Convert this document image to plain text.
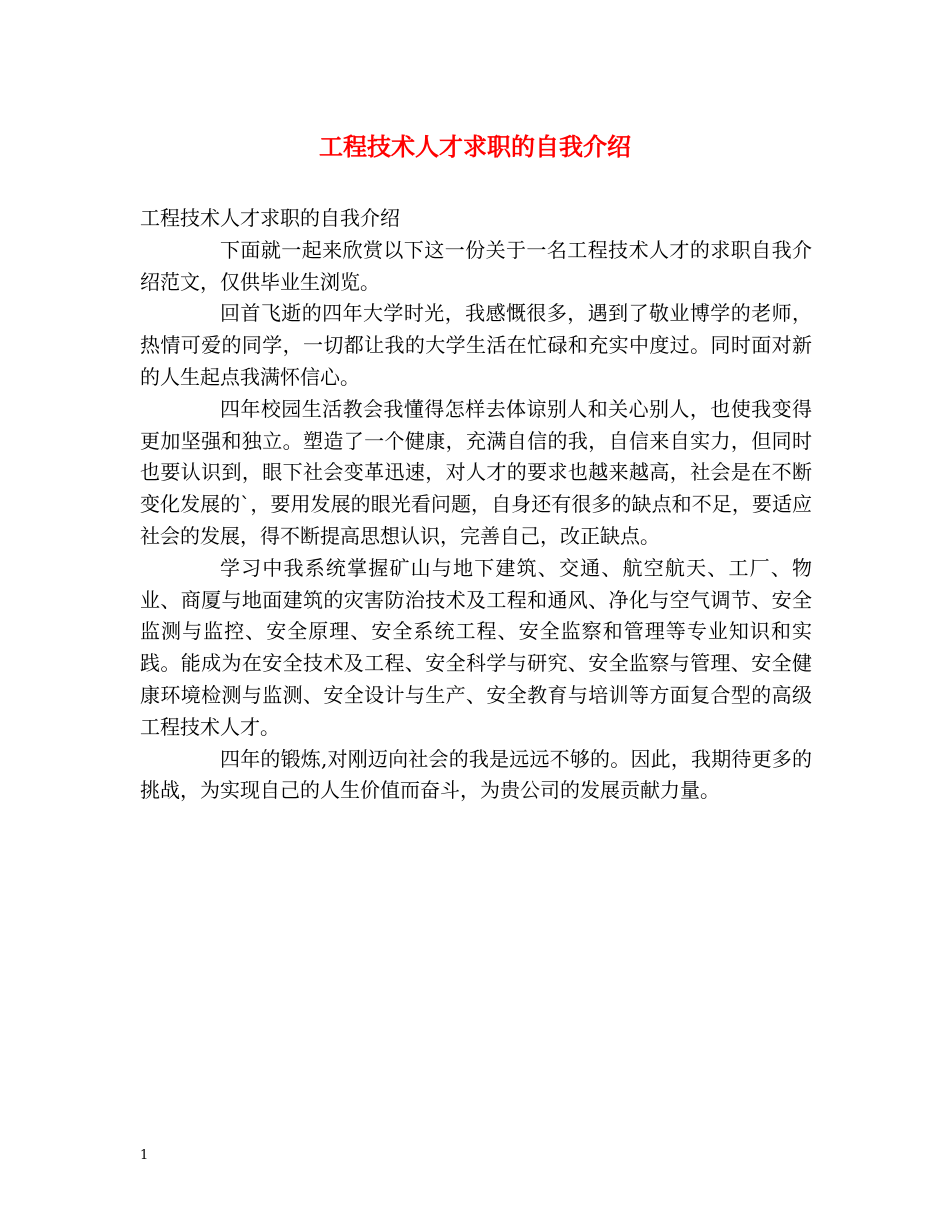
工程技术人才求职的自我介绍

工程技术人才求职的自我介绍

下面就一起来欣赏以下这一份关于一名工程技术人才的求职自我介绍范文，仅供毕业生浏览。

回首飞逝的四年大学时光，我感慨很多，遇到了敬业博学的老师，热情可爱的同学，一切都让我的大学生活在忙碌和充实中度过。同时面对新的人生起点我满怀信心。

四年校园生活教会我懂得怎样去体谅别人和关心别人，也使我变得更加坚强和独立。塑造了一个健康，充满自信的我，自信来自实力，但同时也要认识到，眼下社会变革迅速，对人才的要求也越来越高，社会是在不断变化发展的`，要用发展的眼光看问题，自身还有很多的缺点和不足，要适应社会的发展，得不断提高思想认识，完善自己，改正缺点。

学习中我系统掌握矿山与地下建筑、交通、航空航天、工厂、物业、商厦与地面建筑的灾害防治技术及工程和通风、净化与空气调节、安全监测与监控、安全原理、安全系统工程、安全监察和管理等专业知识和实践。能成为在安全技术及工程、安全科学与研究、安全监察与管理、安全健康环境检测与监测、安全设计与生产、安全教育与培训等方面复合型的高级工程技术人才。

四年的锻炼,对刚迈向社会的我是远远不够的。因此，我期待更多的挑战，为实现自己的人生价值而奋斗，为贵公司的发展贡献力量。

1
